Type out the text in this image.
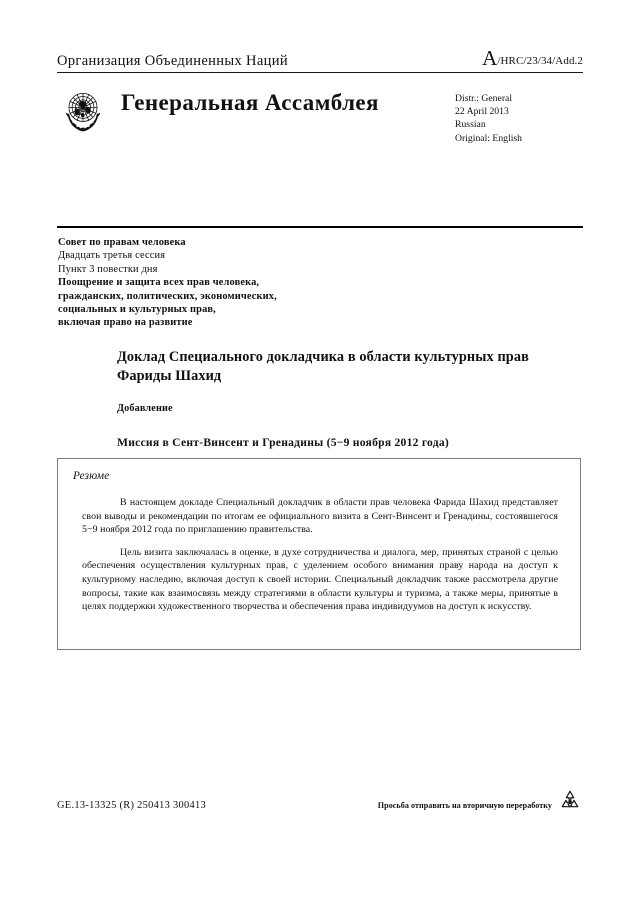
Организация Объединенных Наций	A/HRC/23/34/Add.2
Генеральная Ассамблея	Distr.: General
22 April 2013
Russian
Original: English
Совет по правам человека
Двадцать третья сессия
Пункт 3 повестки дня
Поощрение и защита всех прав человека,
гражданских, политических, экономических,
социальных и культурных прав,
включая право на развитие
Доклад Специального докладчика в области культурных прав Фариды Шахид
Добавление
Миссия в Сент-Винсент и Гренадины (5−9 ноября 2012 года)
Резюме

В настоящем докладе Специальный докладчик в области прав человека Фарида Шахид представляет свои выводы и рекомендации по итогам ее официального визита в Сент-Винсент и Гренадины, состоявшегося 5−9 ноября 2012 года по приглашению правительства.

Цель визита заключалась в оценке, в духе сотрудничества и диалога, мер, принятых страной с целью обеспечения осуществления культурных прав, с уделением особого внимания праву народа на доступ к культурному наследию, включая доступ к своей истории. Специальный докладчик также рассмотрела другие вопросы, такие как взаимосвязь между стратегиями в области культуры и туризма, а также меры, принятые в целях поддержки художественного творчества и обеспечения права индивидуумов на доступ к искусству.

GE.13-13325 (R) 250413 300413	Просьба отправить на вторичную переработку
